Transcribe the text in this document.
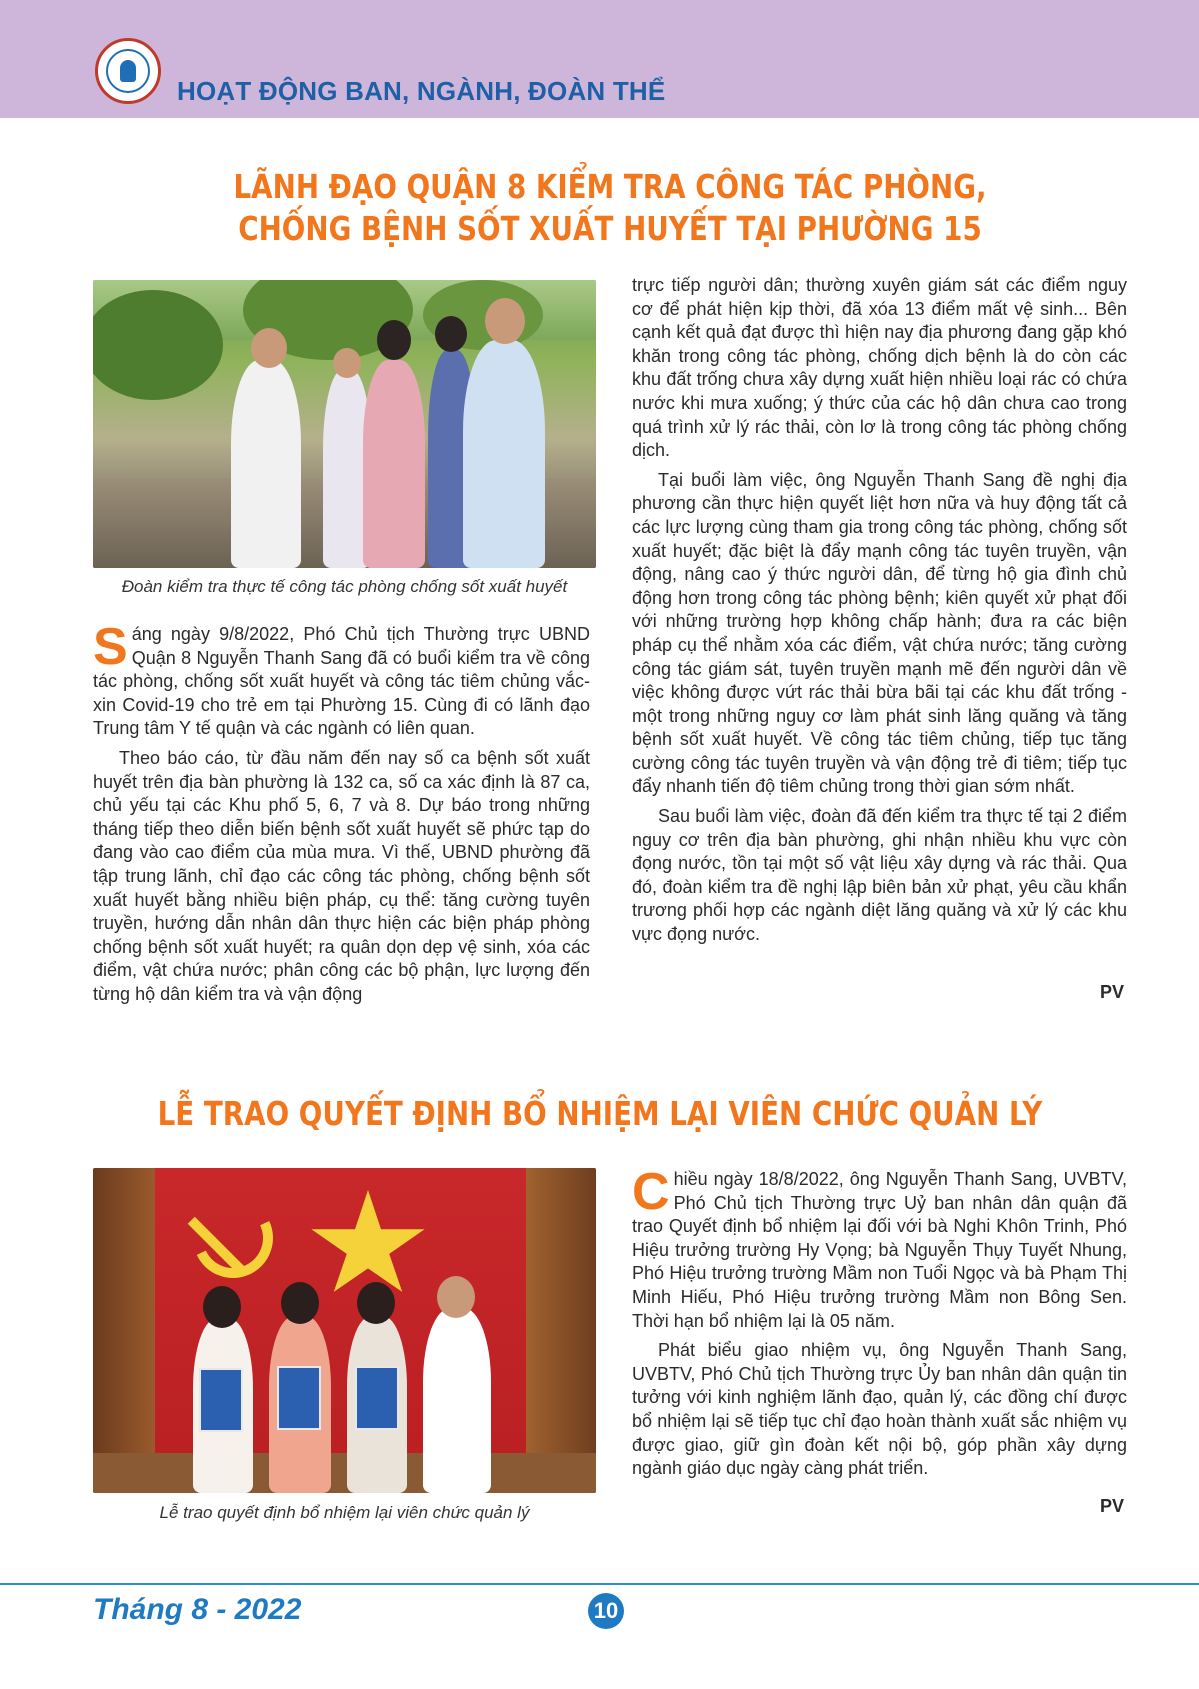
HOẠT ĐỘNG BAN, NGÀNH, ĐOÀN THỂ
LÃNH ĐẠO QUẬN 8 KIỂM TRA CÔNG TÁC PHÒNG,
CHỐNG BỆNH SỐT XUẤT HUYẾT TẠI PHƯỜNG 15
Đoàn kiểm tra thực tế công tác phòng chống sốt xuất huyết

Sáng ngày 9/8/2022, Phó Chủ tịch Thường trực UBND Quận 8 Nguyễn Thanh Sang đã có buổi kiểm tra về công tác phòng, chống sốt xuất huyết và công tác tiêm chủng vắc-xin Covid-19 cho trẻ em tại Phường 15. Cùng đi có lãnh đạo Trung tâm Y tế quận và các ngành có liên quan.

Theo báo cáo, từ đầu năm đến nay số ca bệnh sốt xuất huyết trên địa bàn phường là 132 ca, số ca xác định là 87 ca, chủ yếu tại các Khu phố 5, 6, 7 và 8. Dự báo trong những tháng tiếp theo diễn biến bệnh sốt xuất huyết sẽ phức tạp do đang vào cao điểm của mùa mưa. Vì thế, UBND phường đã tập trung lãnh, chỉ đạo các công tác phòng, chống bệnh sốt xuất huyết bằng nhiều biện pháp, cụ thể: tăng cường tuyên truyền, hướng dẫn nhân dân thực hiện các biện pháp phòng chống bệnh sốt xuất huyết; ra quân dọn dẹp vệ sinh, xóa các điểm, vật chứa nước; phân công các bộ phận, lực lượng đến từng hộ dân kiểm tra và vận động

trực tiếp người dân; thường xuyên giám sát các điểm nguy cơ để phát hiện kịp thời, đã xóa 13 điểm mất vệ sinh... Bên cạnh kết quả đạt được thì hiện nay địa phương đang gặp khó khăn trong công tác phòng, chống dịch bệnh là do còn các khu đất trống chưa xây dựng xuất hiện nhiều loại rác có chứa nước khi mưa xuống; ý thức của các hộ dân chưa cao trong quá trình xử lý rác thải, còn lơ là trong công tác phòng chống dịch.

Tại buổi làm việc, ông Nguyễn Thanh Sang đề nghị địa phương cần thực hiện quyết liệt hơn nữa và huy động tất cả các lực lượng cùng tham gia trong công tác phòng, chống sốt xuất huyết; đặc biệt là đẩy mạnh công tác tuyên truyền, vận động, nâng cao ý thức người dân, để từng hộ gia đình chủ động hơn trong công tác phòng bệnh; kiên quyết xử phạt đối với những trường hợp không chấp hành; đưa ra các biện pháp cụ thể nhằm xóa các điểm, vật chứa nước; tăng cường công tác giám sát, tuyên truyền mạnh mẽ đến người dân về việc không được vứt rác thải bừa bãi tại các khu đất trống - một trong những nguy cơ làm phát sinh lăng quăng và tăng bệnh sốt xuất huyết. Về công tác tiêm chủng, tiếp tục tăng cường công tác tuyên truyền và vận động trẻ đi tiêm; tiếp tục đẩy nhanh tiến độ tiêm chủng trong thời gian sớm nhất.

Sau buổi làm việc, đoàn đã đến kiểm tra thực tế tại 2 điểm nguy cơ trên địa bàn phường, ghi nhận nhiều khu vực còn đọng nước, tồn tại một số vật liệu xây dựng và rác thải. Qua đó, đoàn kiểm tra đề nghị lập biên bản xử phạt, yêu cầu khẩn trương phối hợp các ngành diệt lăng quăng và xử lý các khu vực đọng nước.

PV
LỄ TRAO QUYẾT ĐỊNH BỔ NHIỆM LẠI VIÊN CHỨC QUẢN LÝ
Lễ trao quyết định bổ nhiệm lại viên chức quản lý

Chiều ngày 18/8/2022, ông Nguyễn Thanh Sang, UVBTV, Phó Chủ tịch Thường trực Uỷ ban nhân dân quận đã trao Quyết định bổ nhiệm lại đối với bà Nghi Khôn Trinh, Phó Hiệu trưởng trường Hy Vọng; bà Nguyễn Thụy Tuyết Nhung, Phó Hiệu trưởng trường Mầm non Tuổi Ngọc và bà Phạm Thị Minh Hiếu, Phó Hiệu trưởng trường Mầm non Bông Sen. Thời hạn bổ nhiệm lại là 05 năm.

Phát biểu giao nhiệm vụ, ông Nguyễn Thanh Sang, UVBTV, Phó Chủ tịch Thường trực Ủy ban nhân dân quận tin tưởng với kinh nghiệm lãnh đạo, quản lý, các đồng chí được bổ nhiệm lại sẽ tiếp tục chỉ đạo hoàn thành xuất sắc nhiệm vụ được giao, giữ gìn đoàn kết nội bộ, góp phần xây dựng ngành giáo dục ngày càng phát triển.

PV
Tháng 8 - 2022	10
